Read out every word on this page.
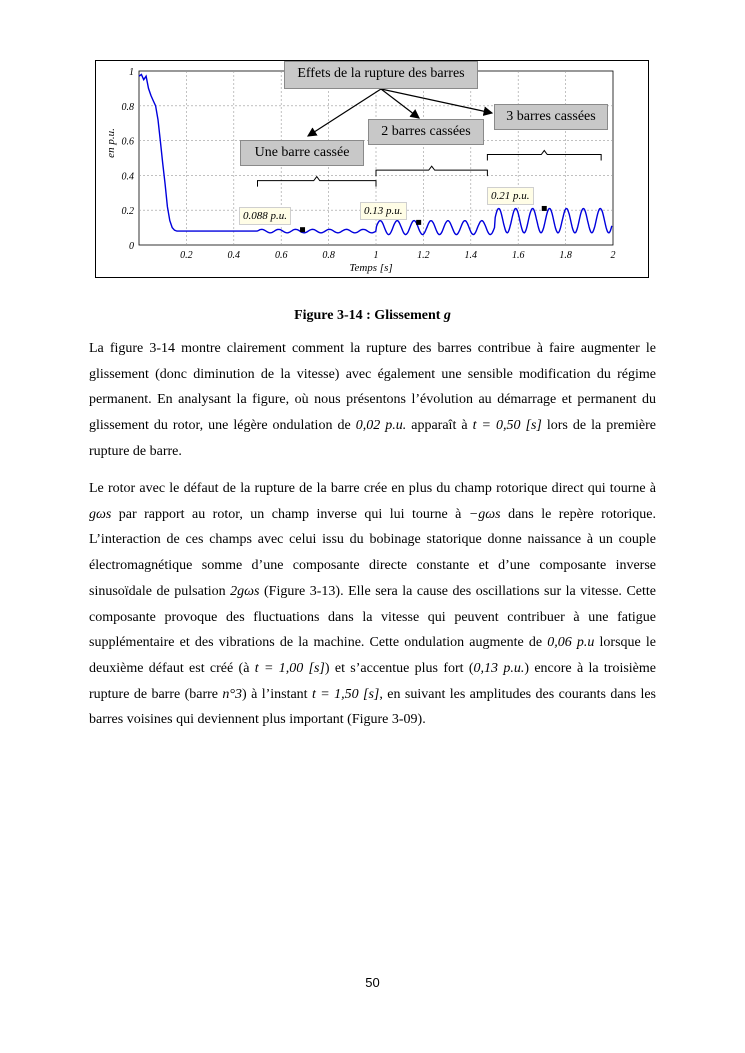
0.2	0.4	0.6	0.8	1	1.2	1.4	1.6	1.8	2
0
0.2
0.4
0.6
0.8
1
Temps [s]
en p.u.
Effets de la rupture des barres
3 barres cassées
2 barres cassées
Une barre cassée
0.088 p.u.	0.13 p.u.
0.21 p.u.
Figure 3-14 : Glissement g

La figure 3-14 montre clairement comment la rupture des barres contribue à faire augmenter le glissement (donc diminution de la vitesse) avec également une sensible modification du régime permanent. En analysant la figure, où nous présentons l’évolution au démarrage et permanent du glissement du rotor, une légère ondulation de 0,02 p.u. apparaît à t = 0,50 [s] lors de la première rupture de barre.

Le rotor avec le défaut de la rupture de la barre crée en plus du champ rotorique direct qui tourne à gωs par rapport au rotor, un champ inverse qui lui tourne à −gωs dans le repère rotorique. L’interaction de ces champs avec celui issu du bobinage statorique donne naissance à un couple électromagnétique somme d’une composante directe constante et d’une composante inverse sinusoïdale de pulsation 2gωs (Figure 3-13). Elle sera la cause des oscillations sur la vitesse. Cette composante provoque des fluctuations dans la vitesse qui peuvent contribuer à une fatigue supplémentaire et des vibrations de la machine. Cette ondulation augmente de 0,06 p.u lorsque le deuxième défaut est créé (à t = 1,00 [s]) et s’accentue plus fort (0,13 p.u.) encore à la troisième rupture de barre (barre n°3) à l’instant t = 1,50 [s], en suivant les amplitudes des courants dans les barres voisines qui deviennent plus important (Figure 3-09).

50
